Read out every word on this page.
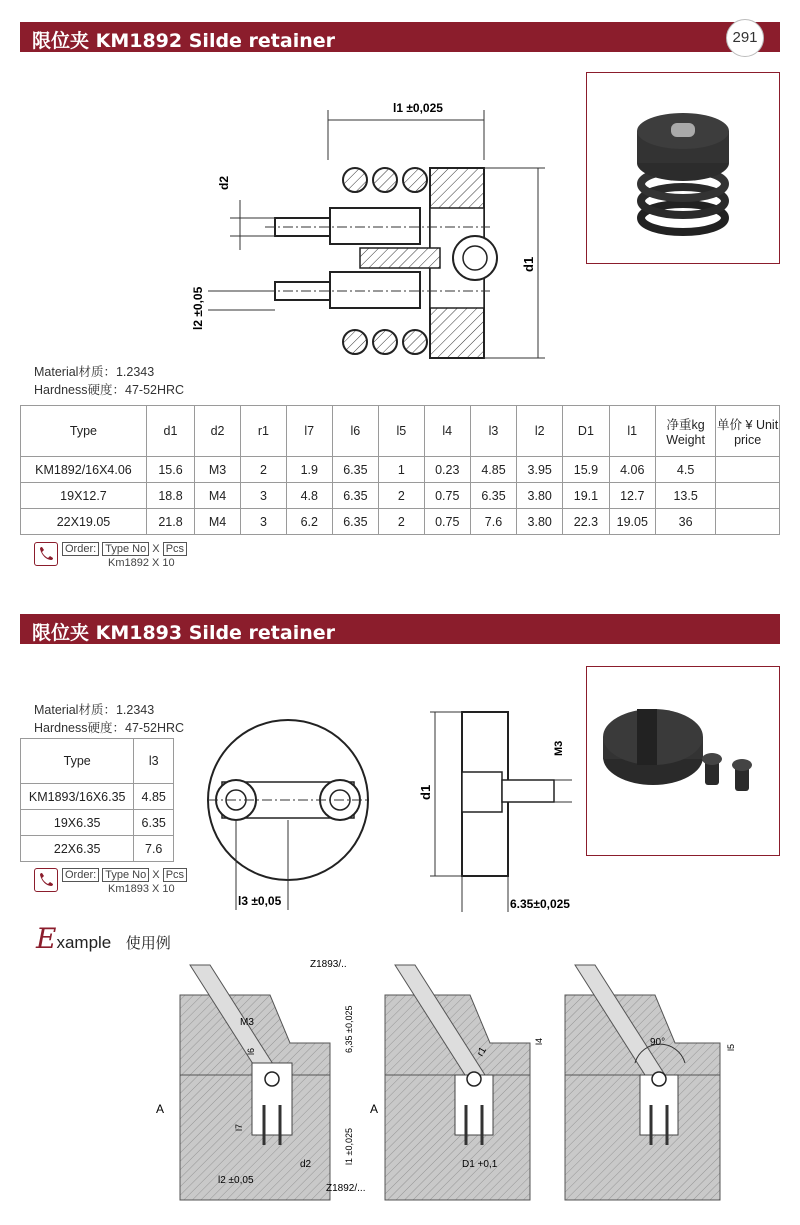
限位夹 KM1892 Silde retainer	291
l1 ±0,025
d2
l2 ±0,05
d1
Material材质：1.2343
Hardness硬度：47-52HRC
Type	d1	d2	r1	l7	l6	l5	l4	l3	l2	D1	l1	净重kg Weight	单价 ¥ Unit price
KM1892/16X4.06	15.6	M3	2	1.9	6.35	1	0.23	4.85	3.95	15.9	4.06	4.5	
19X12.7	18.8	M4	3	4.8	6.35	2	0.75	6.35	3.80	19.1	12.7	13.5	
22X19.05	21.8	M4	3	6.2	6.35	2	0.75	7.6	3.80	22.3	19.05	36	
Order: Type No X Pcs
Km1892 X 10
限位夹 KM1893 Silde retainer
Material材质：1.2343
Hardness硬度：47-52HRC
Type	l3
KM1893/16X6.35	4.85
19X6.35	6.35
22X6.35	7.6
Order: Type No X Pcs
Km1893 X 10
l3 ±0,05
d1
M3
6.35±0,025
Example 使用例
Z1893/..
M3
l6	6,35 ±0,025
A
l7
l1 ±0,025
l2 ±0,05
d2
Z1892/...
A
r1
l4
D1 +0,1
90°	l5
